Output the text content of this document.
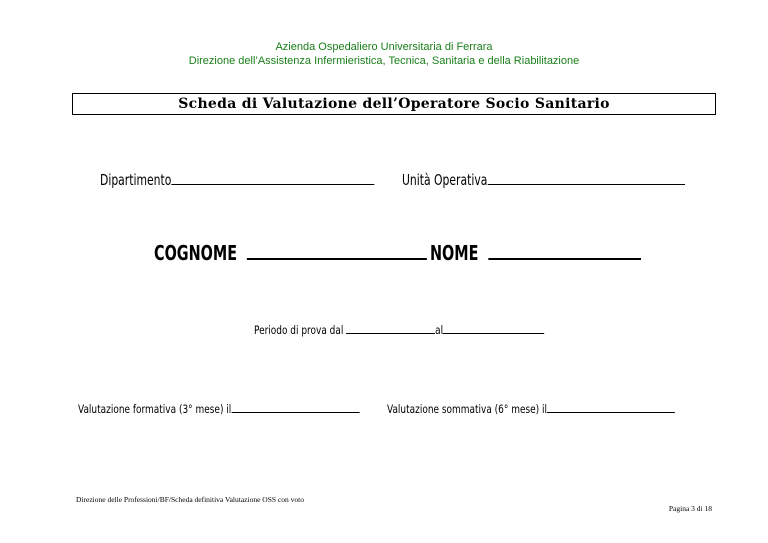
Azienda Ospedaliero Universitaria di Ferrara
Direzione dell’Assistenza Infermieristica, Tecnica, Sanitaria e della Riabilitazione
Scheda di Valutazione dell’Operatore Socio Sanitario
Dipartimento	Unità Operativa
COGNOME	NOME
Periodo di prova dal	al
Valutazione formativa (3° mese) il	Valutazione sommativa (6° mese) il
Direzione delle Professioni/BF/Scheda definitiva Valutazione OSS con voto
Pagina 3 di 18
